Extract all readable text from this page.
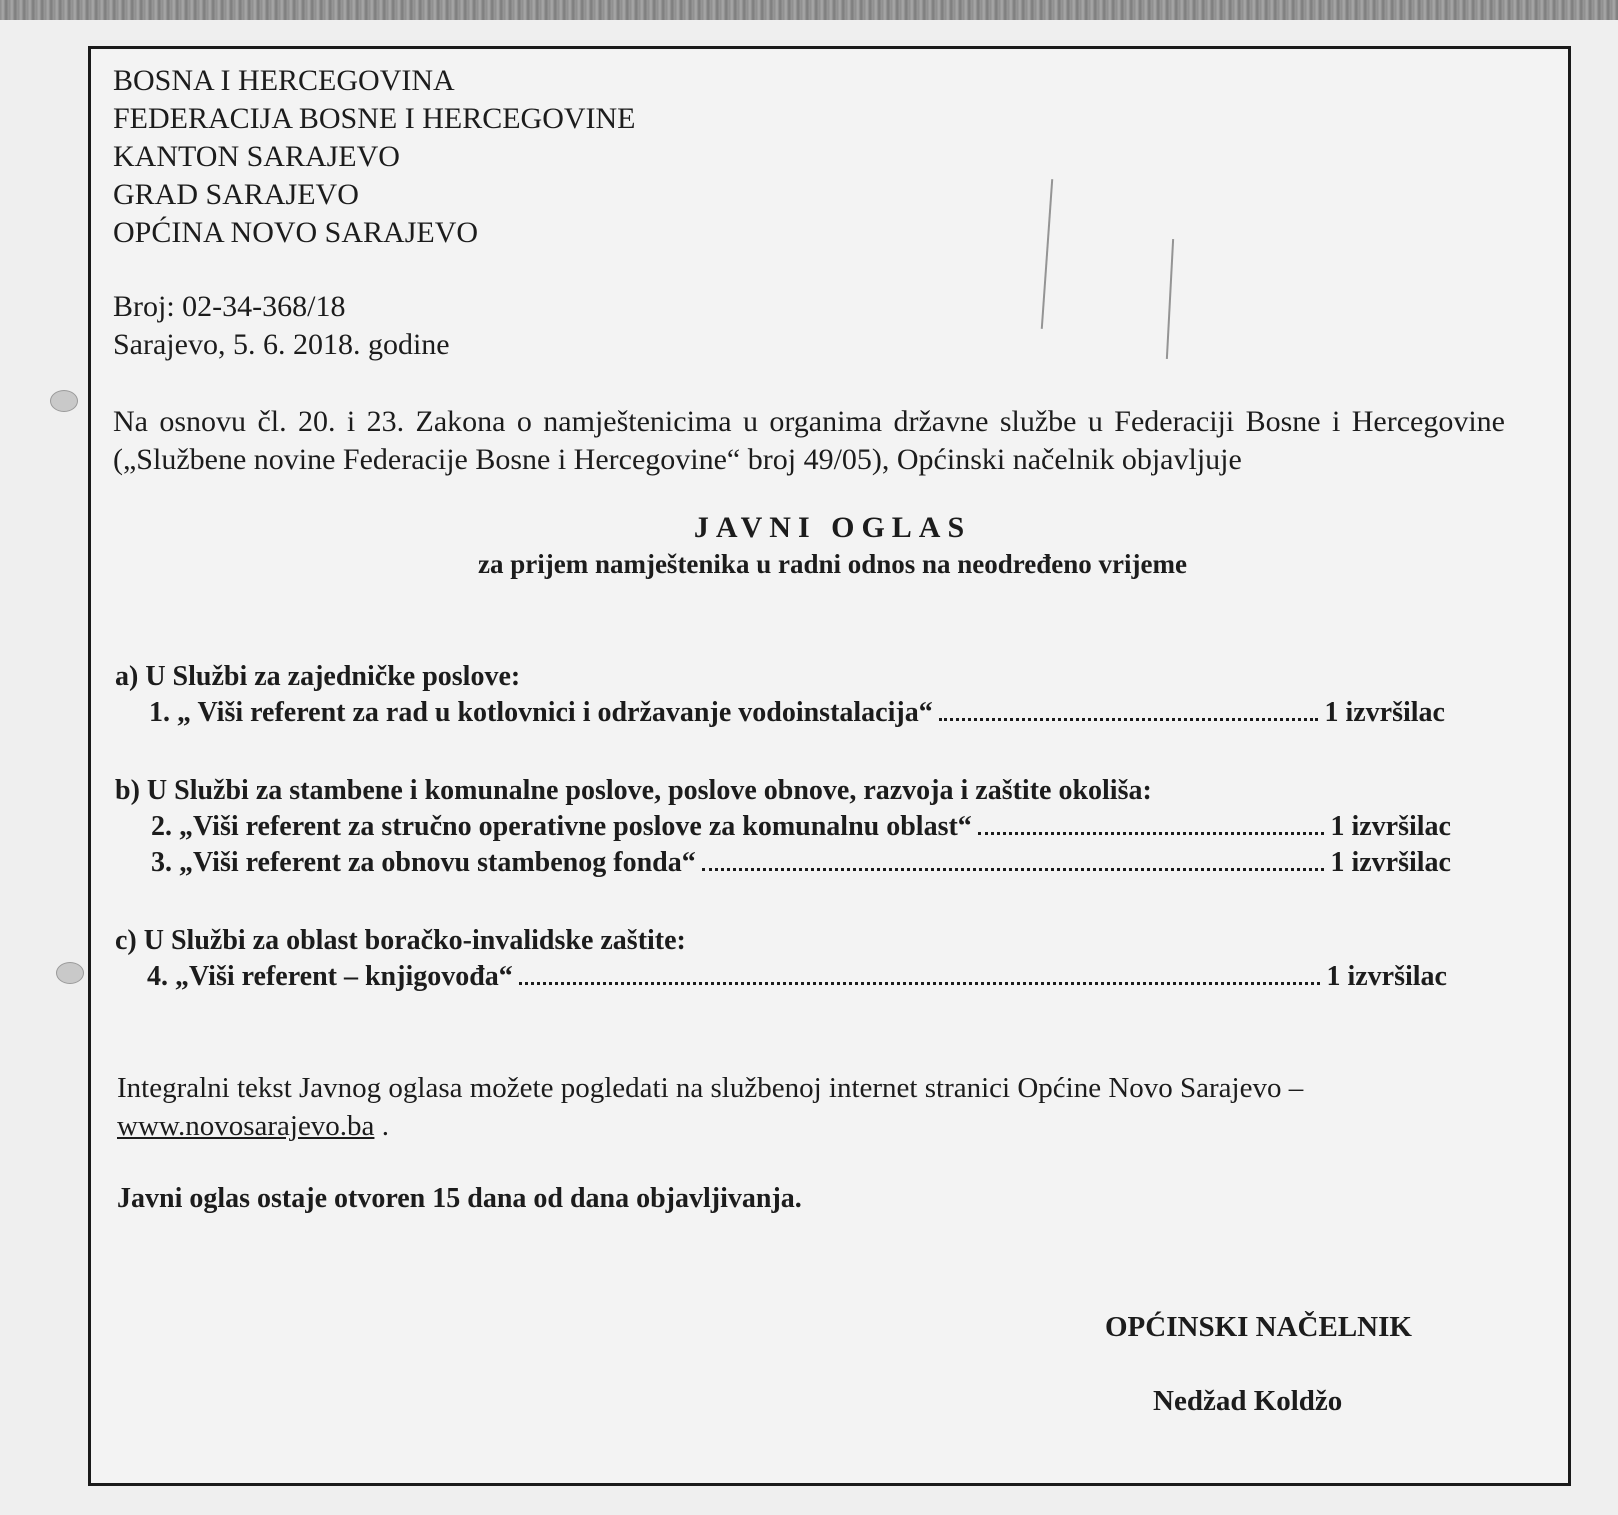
BOSNA I HERCEGOVINA
FEDERACIJA BOSNE I HERCEGOVINE
KANTON SARAJEVO
GRAD SARAJEVO
OPĆINA NOVO SARAJEVO
Broj: 02-34-368/18
Sarajevo, 5. 6. 2018. godine
Na osnovu čl. 20. i 23. Zakona o namještenicima u organima državne službe u Federaciji Bosne i Hercegovine („Službene novine Federacije Bosne i Hercegovine“ broj 49/05), Općinski načelnik objavljuje
JAVNI OGLAS
za prijem namještenika u radni odnos na neodređeno vrijeme
a) U Službi za zajedničke poslove:
1. „ Viši referent za rad u kotlovnici i održavanje vodoinstalacija“	1 izvršilac
b) U Službi za stambene i komunalne poslove, poslove obnove, razvoja i zaštite okoliša:
2. „Viši referent za stručno operativne poslove za komunalnu oblast“	1 izvršilac
3. „Viši referent za obnovu stambenog fonda“	1 izvršilac
c) U Službi za oblast boračko-invalidske zaštite:
4. „Viši referent – knjigovođa“	1 izvršilac
Integralni tekst Javnog oglasa možete pogledati na službenoj internet stranici Općine Novo Sarajevo –
www.novosarajevo.ba .
Javni oglas ostaje otvoren 15 dana od dana objavljivanja.
OPĆINSKI NAČELNIK
Nedžad Koldžo
